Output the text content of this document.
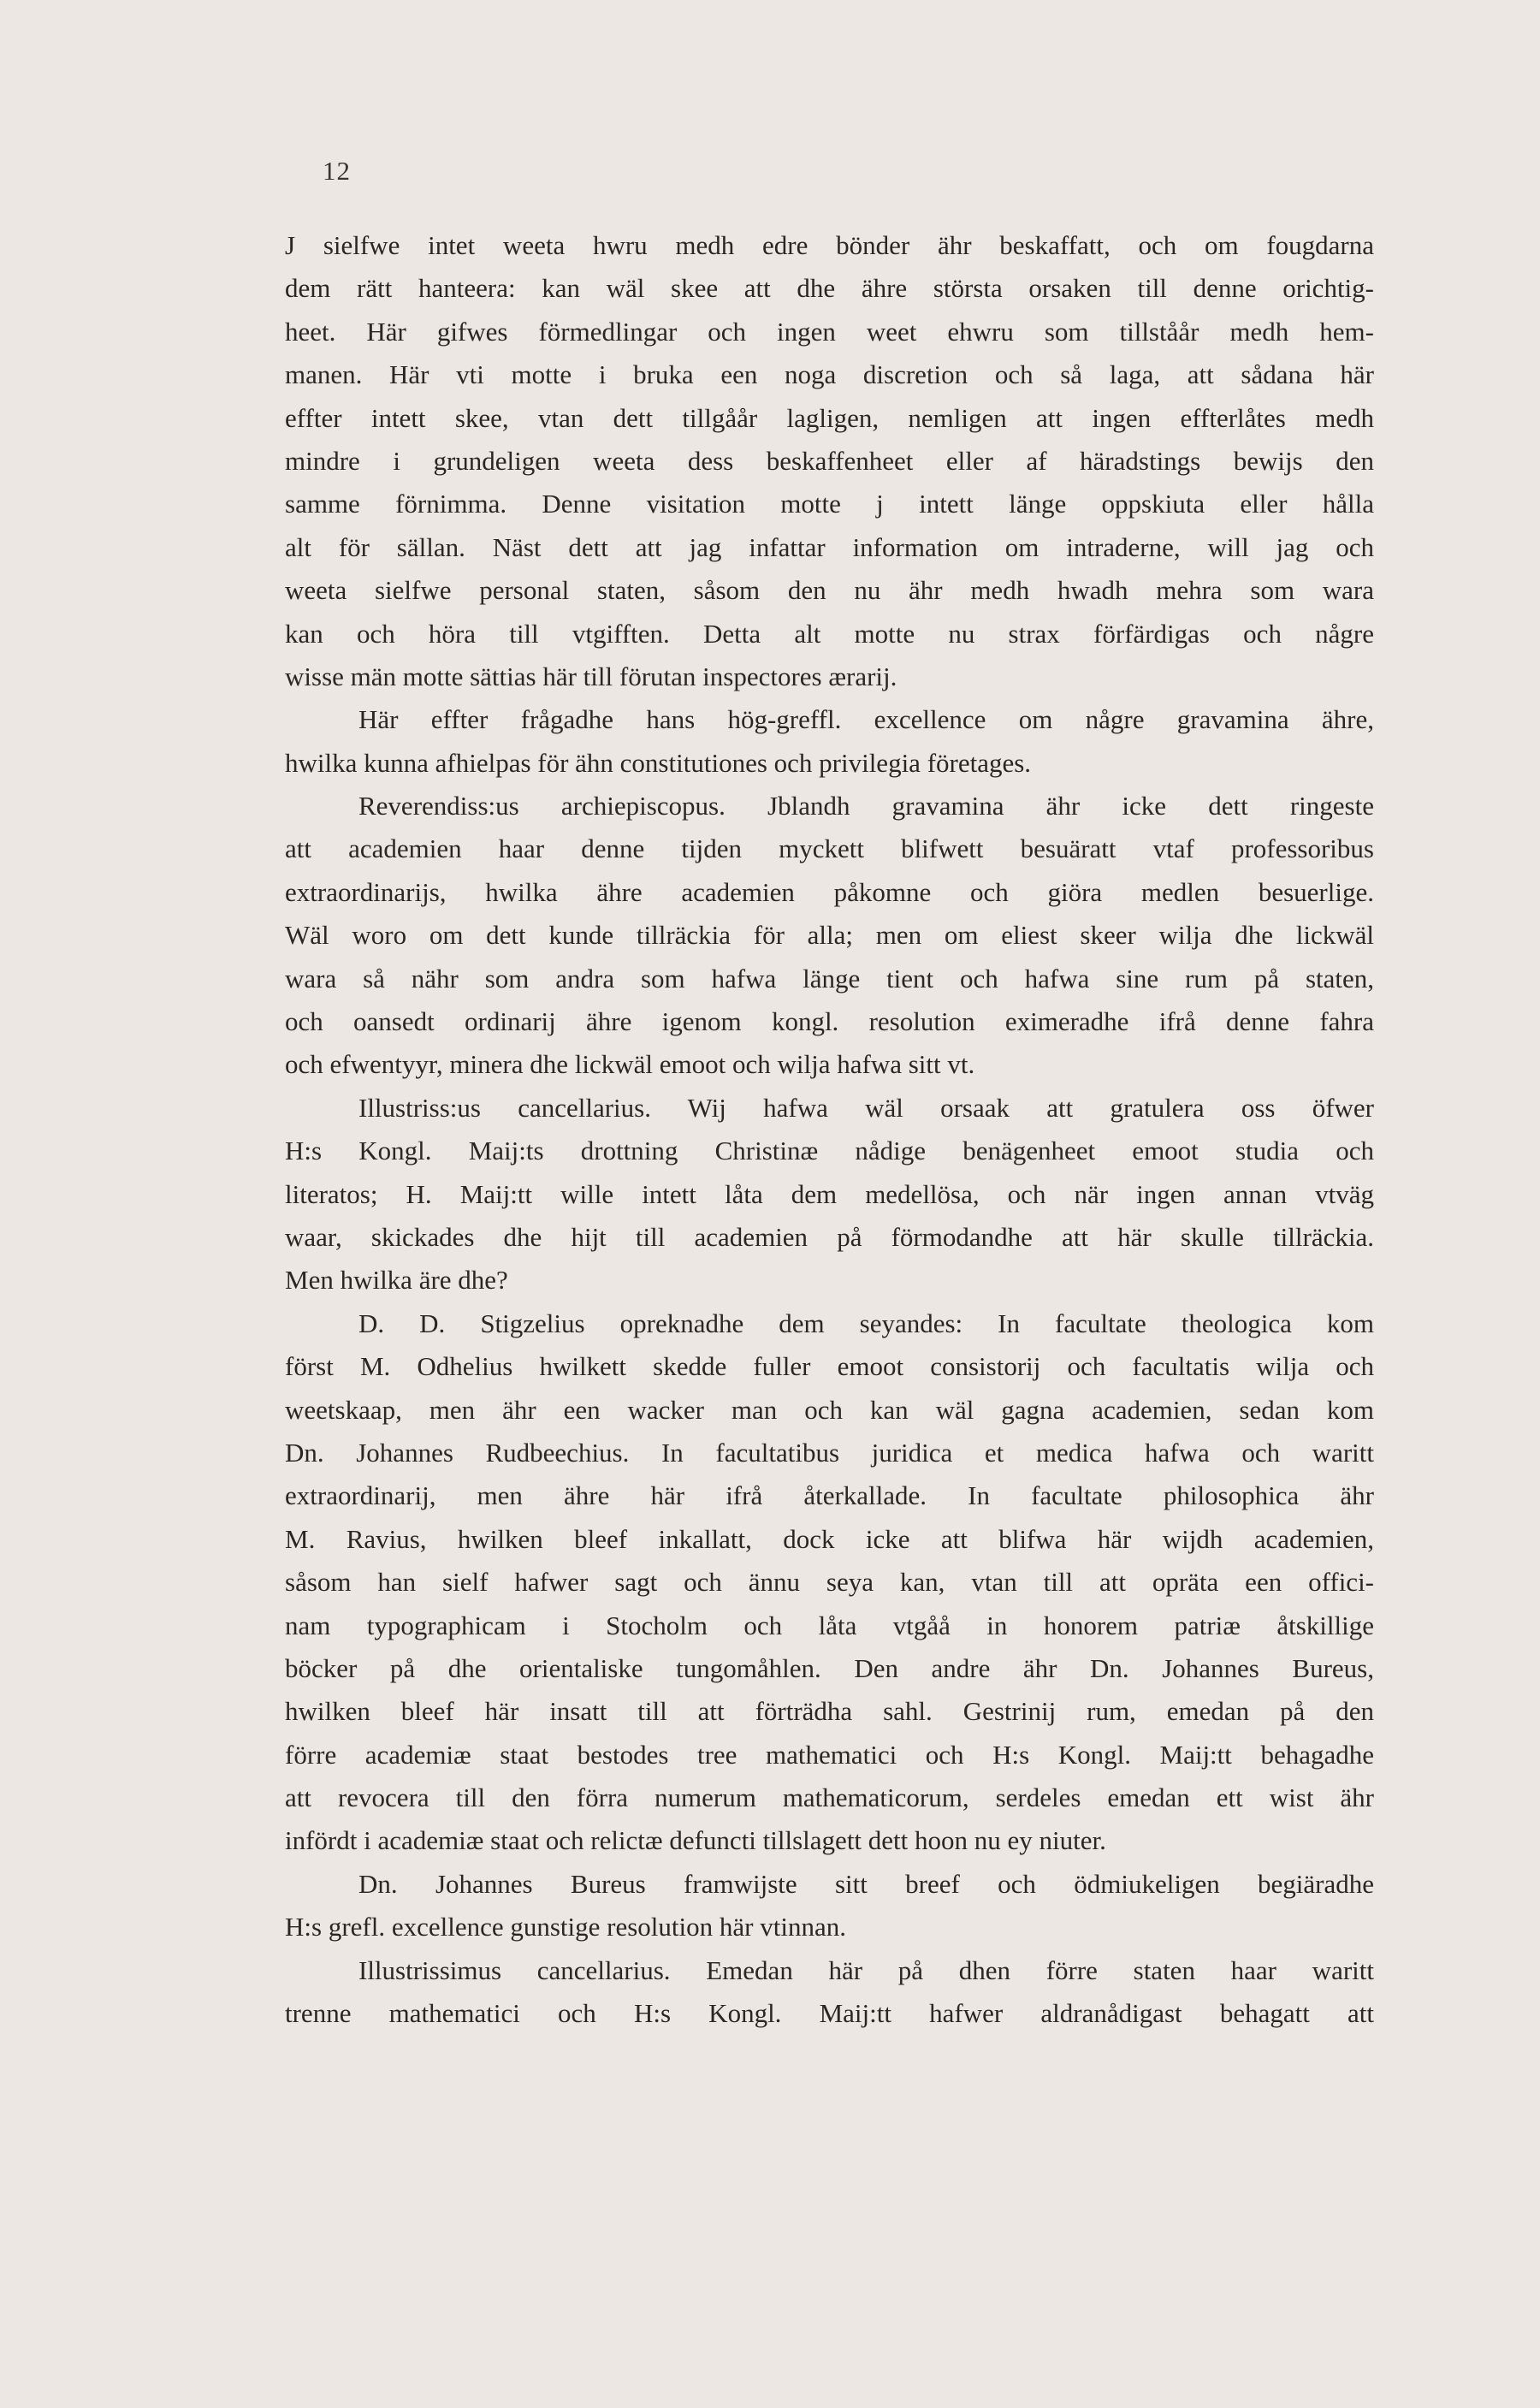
12
J sielfwe intet weeta hwru medh edre bönder ähr beskaffatt, och om fougdarna
dem rätt hanteera: kan wäl skee att dhe ähre största orsaken till denne orichtig-
heet. Här gifwes förmedlingar och ingen weet ehwru som tillståår medh hem-
manen. Här vti motte i bruka een noga discretion och så laga, att sådana här
effter intett skee, vtan dett tillgåår lagligen, nemligen att ingen effterlåtes medh
mindre i grundeligen weeta dess beskaffenheet eller af häradstings bewijs den
samme förnimma. Denne visitation motte j intett länge oppskiuta eller hålla
alt för sällan. Näst dett att jag infattar information om intraderne, will jag och
weeta sielfwe personal staten, såsom den nu ähr medh hwadh mehra som wara
kan och höra till vtgifften. Detta alt motte nu strax förfärdigas och någre
wisse män motte sättias här till förutan inspectores ærarij.
Här effter frågadhe hans hög-greffl. excellence om någre gravamina ähre,
hwilka kunna afhielpas för ähn constitutiones och privilegia företages.
Reverendiss:us archiepiscopus. Jblandh gravamina ähr icke dett ringeste
att academien haar denne tijden myckett blifwett besuäratt vtaf professoribus
extraordinarijs, hwilka ähre academien påkomne och giöra medlen besuerlige.
Wäl woro om dett kunde tillräckia för alla; men om eliest skeer wilja dhe lickwäl
wara så nähr som andra som hafwa länge tient och hafwa sine rum på staten,
och oansedt ordinarij ähre igenom kongl. resolution eximeradhe ifrå denne fahra
och efwentyyr, minera dhe lickwäl emoot och wilja hafwa sitt vt.
Illustriss:us cancellarius. Wij hafwa wäl orsaak att gratulera oss öfwer
H:s Kongl. Maij:ts drottning Christinæ nådige benägenheet emoot studia och
literatos; H. Maij:tt wille intett låta dem medellösa, och när ingen annan vtväg
waar, skickades dhe hijt till academien på förmodandhe att här skulle tillräckia.
Men hwilka äre dhe?
D. D. Stigzelius opreknadhe dem seyandes: In facultate theologica kom
först M. Odhelius hwilkett skedde fuller emoot consistorij och facultatis wilja och
weetskaap, men ähr een wacker man och kan wäl gagna academien, sedan kom
Dn. Johannes Rudbeechius. In facultatibus juridica et medica hafwa och waritt
extraordinarij, men ähre här ifrå återkallade. In facultate philosophica ähr
M. Ravius, hwilken bleef inkallatt, dock icke att blifwa här wijdh academien,
såsom han sielf hafwer sagt och ännu seya kan, vtan till att opräta een offici-
nam typographicam i Stocholm och låta vtgåå in honorem patriæ åtskillige
böcker på dhe orientaliske tungomåhlen. Den andre ähr Dn. Johannes Bureus,
hwilken bleef här insatt till att förträdha sahl. Gestrinij rum, emedan på den
förre academiæ staat bestodes tree mathematici och H:s Kongl. Maij:tt behagadhe
att revocera till den förra numerum mathematicorum, serdeles emedan ett wist ähr
infördt i academiæ staat och relictæ defuncti tillslagett dett hoon nu ey niuter.
Dn. Johannes Bureus framwijste sitt breef och ödmiukeligen begiäradhe
H:s grefl. excellence gunstige resolution här vtinnan.
Illustrissimus cancellarius. Emedan här på dhen förre staten haar waritt
trenne mathematici och H:s Kongl. Maij:tt hafwer aldranådigast behagatt att
